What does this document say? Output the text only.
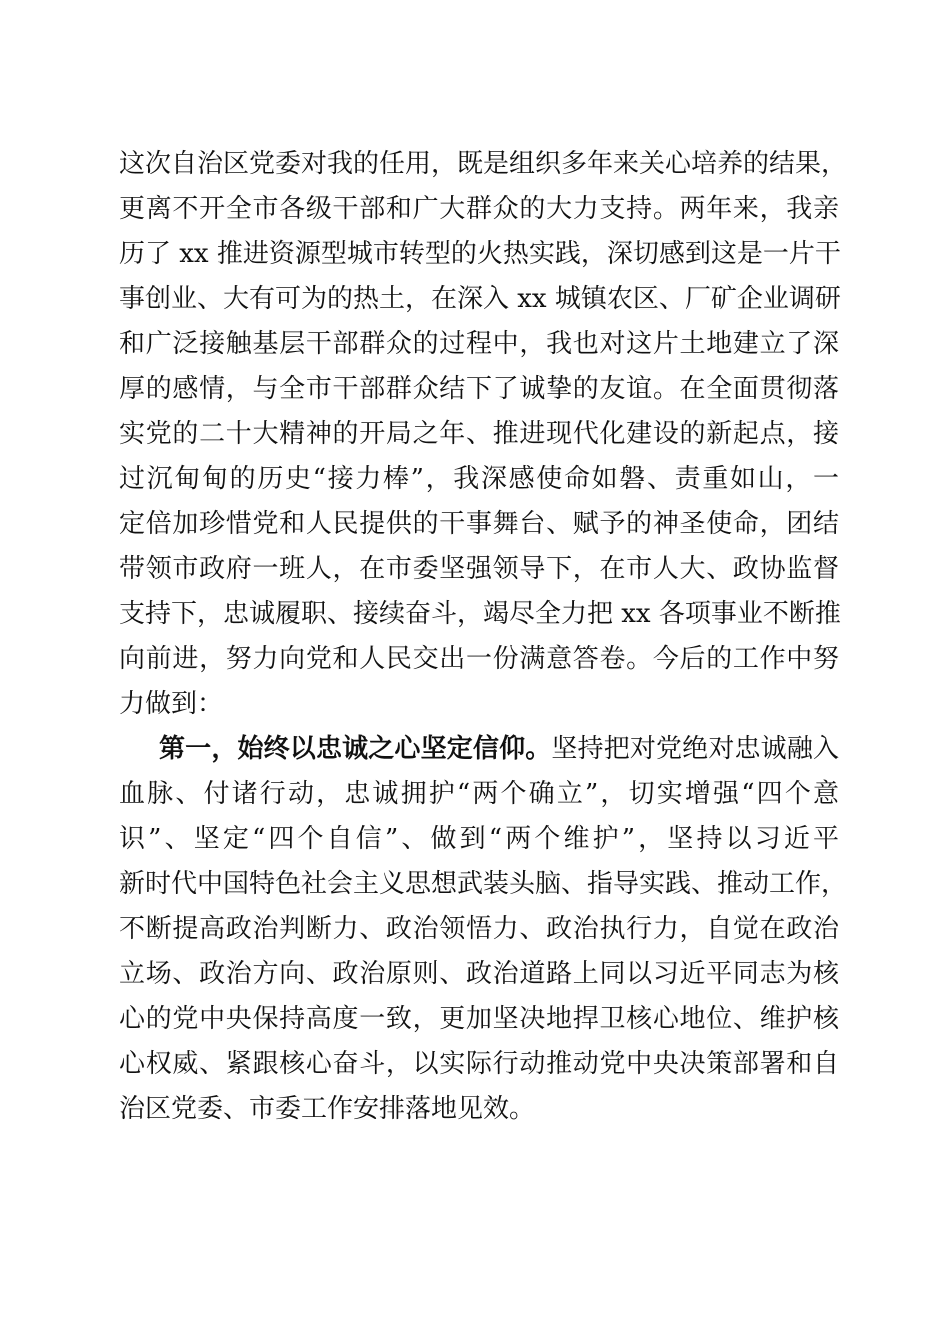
这次自治区党委对我的任用，既是组织多年来关心培养的结果，
更离不开全市各级干部和广大群众的大力支持。两年来，我亲
历了 xx 推进资源型城市转型的火热实践，深切感到这是一片干
事创业、大有可为的热土，在深入 xx 城镇农区、厂矿企业调研
和广泛接触基层干部群众的过程中，我也对这片土地建立了深
厚的感情，与全市干部群众结下了诚挚的友谊。在全面贯彻落
实党的二十大精神的开局之年、推进现代化建设的新起点，接
过沉甸甸的历史“接力棒”，我深感使命如磐、责重如山，一
定倍加珍惜党和人民提供的干事舞台、赋予的神圣使命，团结
带领市政府一班人，在市委坚强领导下，在市人大、政协监督
支持下，忠诚履职、接续奋斗，竭尽全力把 xx 各项事业不断推
向前进，努力向党和人民交出一份满意答卷。今后的工作中努
力做到：
第一，始终以忠诚之心坚定信仰。坚持把对党绝对忠诚融入
血脉、付诸行动，忠诚拥护“两个确立”，切实增强“四个意
识”、坚定“四个自信”、做到“两个维护”，坚持以习近平
新时代中国特色社会主义思想武装头脑、指导实践、推动工作，
不断提高政治判断力、政治领悟力、政治执行力，自觉在政治
立场、政治方向、政治原则、政治道路上同以习近平同志为核
心的党中央保持高度一致，更加坚决地捍卫核心地位、维护核
心权威、紧跟核心奋斗，以实际行动推动党中央决策部署和自
治区党委、市委工作安排落地见效。
